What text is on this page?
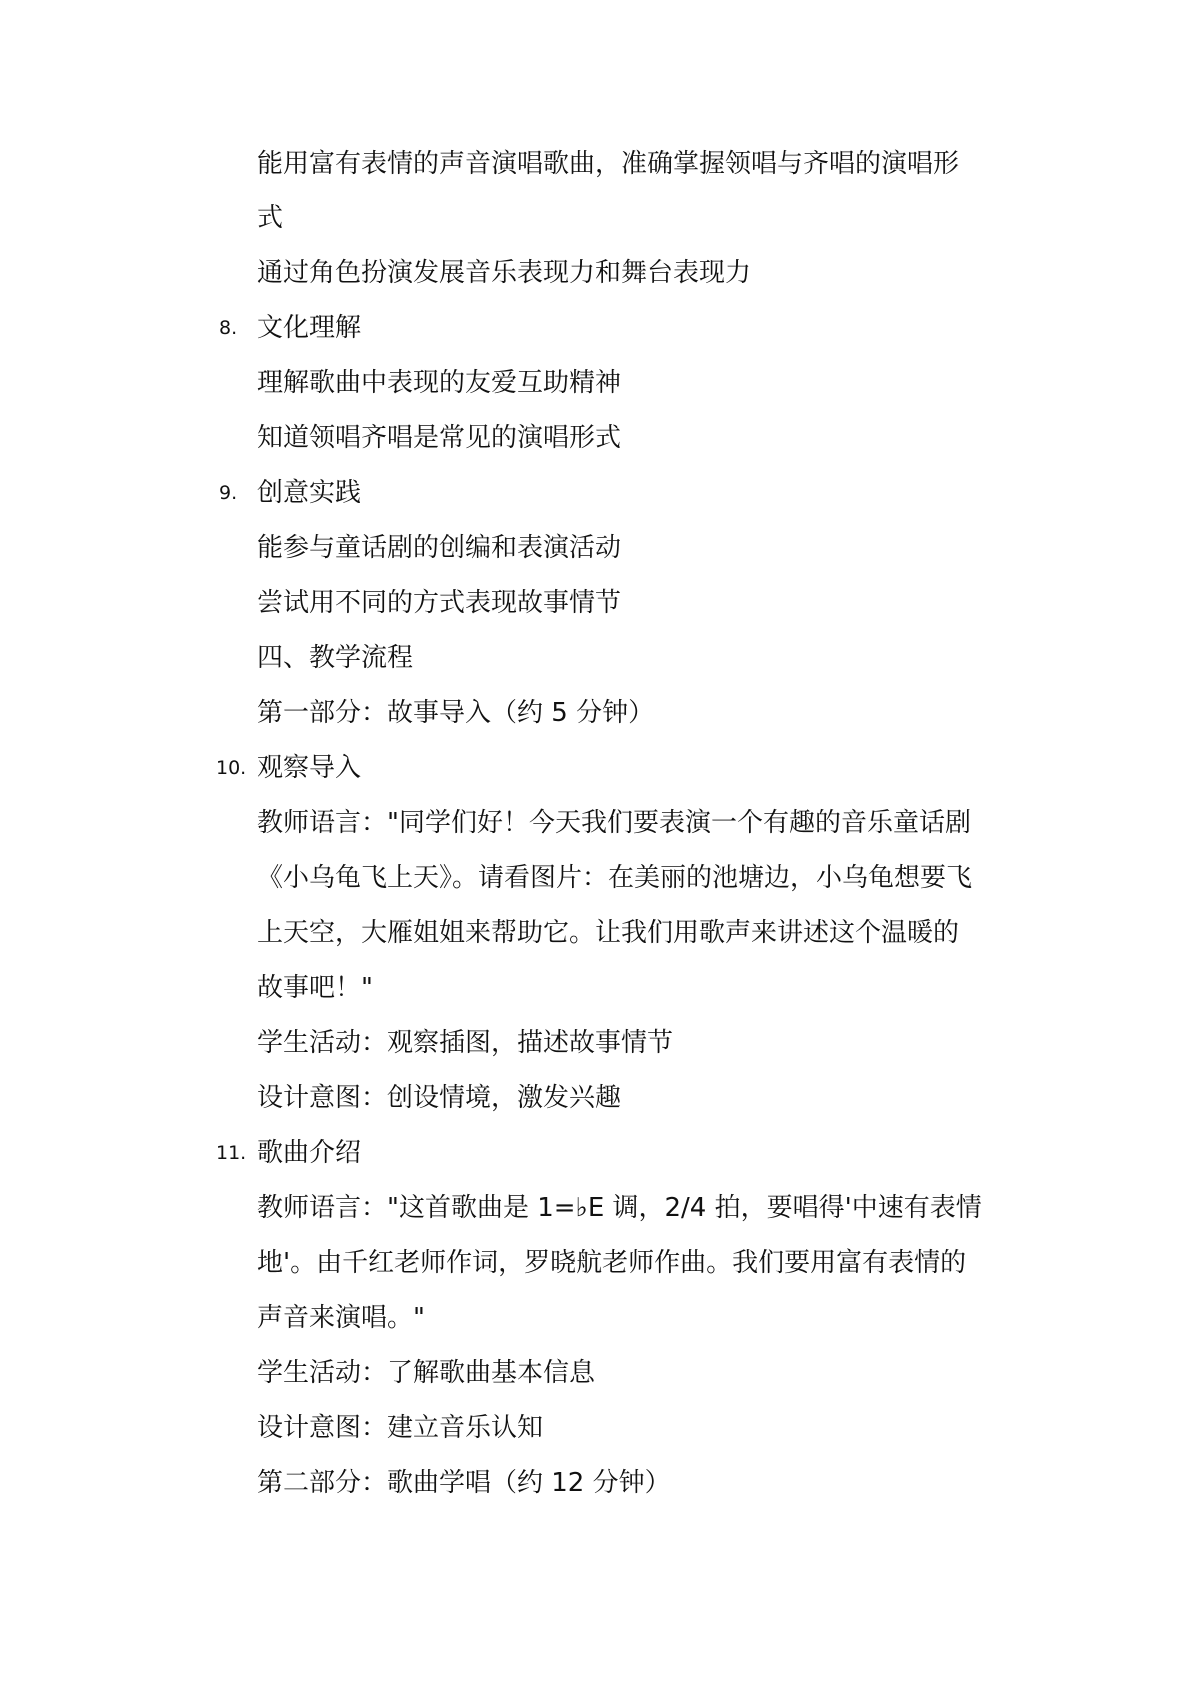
能用富有表情的声音演唱歌曲，准确掌握领唱与齐唱的演唱形
式
通过角色扮演发展音乐表现力和舞台表现力
8. 文化理解
理解歌曲中表现的友爱互助精神
知道领唱齐唱是常见的演唱形式
9. 创意实践
能参与童话剧的创编和表演活动
尝试用不同的方式表现故事情节
四、教学流程
第一部分：故事导入（约 5 分钟）
10. 观察导入
教师语言："同学们好！今天我们要表演一个有趣的音乐童话剧
《小乌龟飞上天》。请看图片：在美丽的池塘边，小乌龟想要飞
上天空，大雁姐姐来帮助它。让我们用歌声来讲述这个温暖的
故事吧！"
学生活动：观察插图，描述故事情节
设计意图：创设情境，激发兴趣
11. 歌曲介绍
教师语言："这首歌曲是 1=♭E 调，2/4 拍，要唱得'中速有表情
地'。由千红老师作词，罗晓航老师作曲。我们要用富有表情的
声音来演唱。"
学生活动：了解歌曲基本信息
设计意图：建立音乐认知
第二部分：歌曲学唱（约 12 分钟）
